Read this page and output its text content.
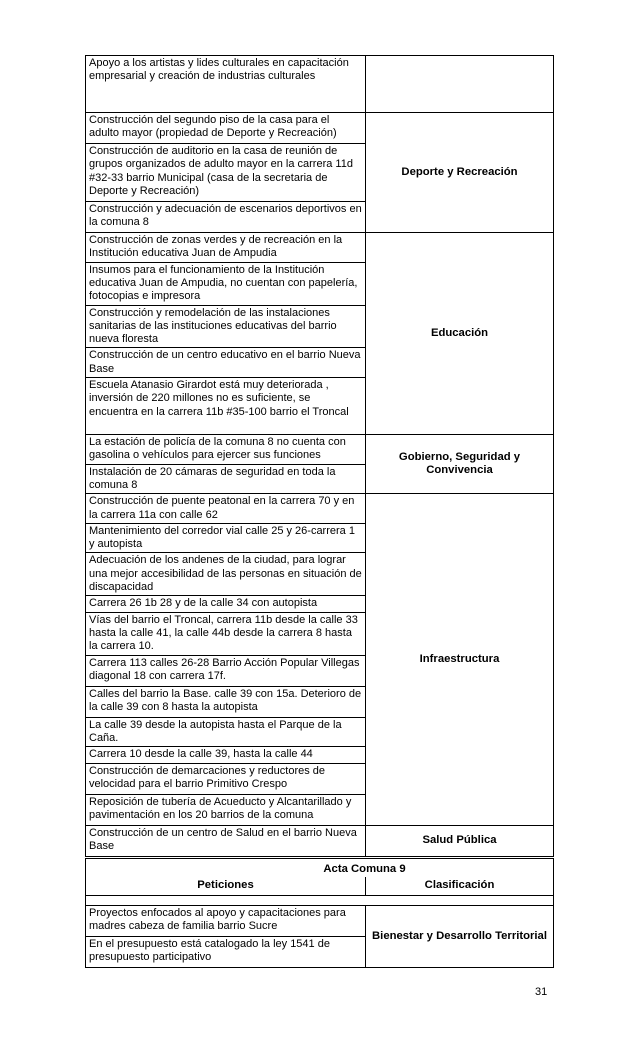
Apoyo a los artistas y lides culturales en capacitación empresarial y creación de industrias culturales	
Construcción del segundo piso de la casa para el adulto mayor (propiedad de Deporte y Recreación)	Deporte y Recreación
Construcción de auditorio en la casa de reunión de grupos organizados de adulto mayor en la carrera 11d #32-33 barrio Municipal (casa de la secretaria de Deporte y Recreación)	
Construcción y adecuación de escenarios deportivos en la comuna 8	
Construcción de zonas verdes y de recreación en la Institución educativa Juan de Ampudia	Educación
Insumos para el funcionamiento de la Institución educativa Juan de Ampudia, no cuentan con papelería, fotocopias e impresora	
Construcción y remodelación de las instalaciones sanitarias de las instituciones educativas del barrio nueva floresta	
Construcción de un centro educativo en el barrio Nueva Base	
Escuela Atanasio Girardot está muy deteriorada , inversión de 220 millones no es suficiente, se encuentra en la carrera 11b #35-100 barrio el Troncal	
La estación de policía de la comuna 8 no cuenta con gasolina o vehículos para ejercer sus funciones	Gobierno, Seguridad y Convivencia
Instalación de 20 cámaras de seguridad en toda la comuna 8	
Construcción de puente peatonal en la carrera 70 y en la carrera 11a con calle 62	Infraestructura
Mantenimiento del corredor vial calle 25 y 26-carrera 1 y autopista	
Adecuación de los andenes de la ciudad, para lograr una mejor accesibilidad de las personas en situación de discapacidad	
Carrera 26 1b 28 y de la calle 34 con autopista	
Vías del barrio el Troncal, carrera 11b desde la calle 33 hasta la calle 41, la calle 44b desde la carrera 8 hasta la carrera 10.	
Carrera 113 calles 26-28 Barrio Acción Popular Villegas diagonal 18 con carrera 17f.	
Calles del barrio la Base. calle 39 con 15a. Deterioro de la calle 39 con 8 hasta la autopista	
La calle 39 desde la autopista hasta el Parque de la Caña.	
Carrera 10 desde la calle 39, hasta la calle 44	
Construcción de demarcaciones y reductores de velocidad para el barrio Primitivo Crespo	
Reposición de tubería de Acueducto y Alcantarillado y pavimentación en los 20 barrios de la comuna	
Construcción de un centro de Salud en el barrio Nueva Base	Salud Pública
Acta Comuna 9	
Peticiones	Clasificación

Proyectos enfocados al apoyo y capacitaciones para madres cabeza de familia barrio Sucre	Bienestar y Desarrollo Territorial
En el presupuesto está catalogado la ley 1541 de presupuesto participativo	
31
